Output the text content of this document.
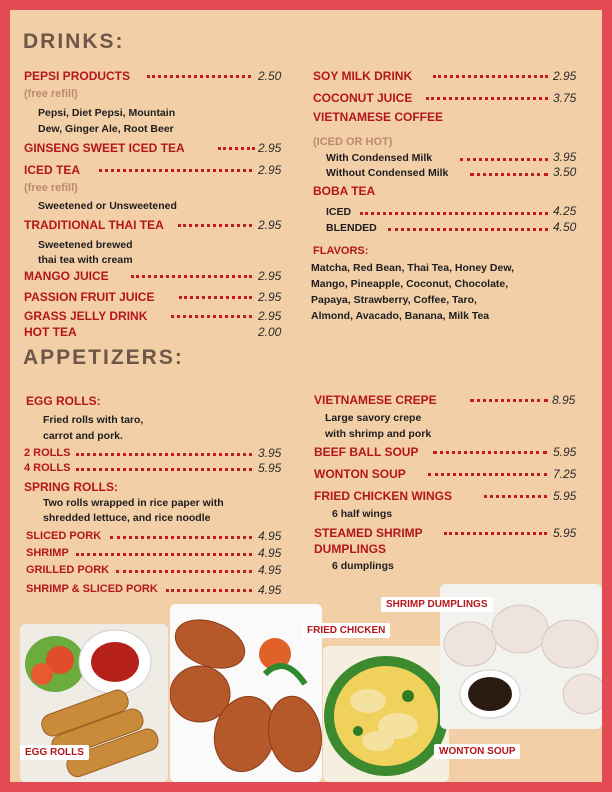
DRINKS:
PEPSI PRODUCTS	2.50
(free refill)
Pepsi, Diet Pepsi, Mountain
Dew, Ginger Ale, Root Beer
GINSENG SWEET ICED TEA	2.95
ICED TEA	2.95
(free refill)
Sweetened or Unsweetened
TRADITIONAL THAI TEA	2.95
Sweetened brewed
thai tea with cream
MANGO JUICE	2.95
PASSION FRUIT JUICE	2.95
GRASS JELLY DRINK	2.95
HOT TEA	2.00
SOY MILK DRINK	2.95
COCONUT JUICE	3.75
VIETNAMESE COFFEE
(ICED OR HOT)
With Condensed Milk	3.95
Without Condensed Milk	3.50
BOBA TEA
ICED	4.25
BLENDED	4.50
FLAVORS:
Matcha, Red Bean, Thai Tea, Honey Dew,
Mango, Pineapple, Coconut, Chocolate,
Papaya, Strawberry, Coffee, Taro,
Almond, Avacado, Banana, Milk Tea
APPETIZERS:
EGG ROLLS:
Fried rolls with taro,
carrot and pork.
2 ROLLS	3.95
4 ROLLS	5.95
SPRING ROLLS:
Two rolls wrapped in rice paper with
shredded lettuce, and rice noodle
SLICED PORK	4.95
SHRIMP	4.95
GRILLED PORK	4.95
SHRIMP & SLICED PORK	4.95
VIETNAMESE CREPE	8.95
Large savory crepe
with shrimp and pork
BEEF BALL SOUP	5.95
WONTON SOUP	7.25
FRIED CHICKEN WINGS	5.95
6 half wings
STEAMED SHRIMP	5.95
DUMPLINGS
6 dumplings
EGG ROLLS
FRIED CHICKEN
WONTON SOUP
SHRIMP DUMPLINGS
